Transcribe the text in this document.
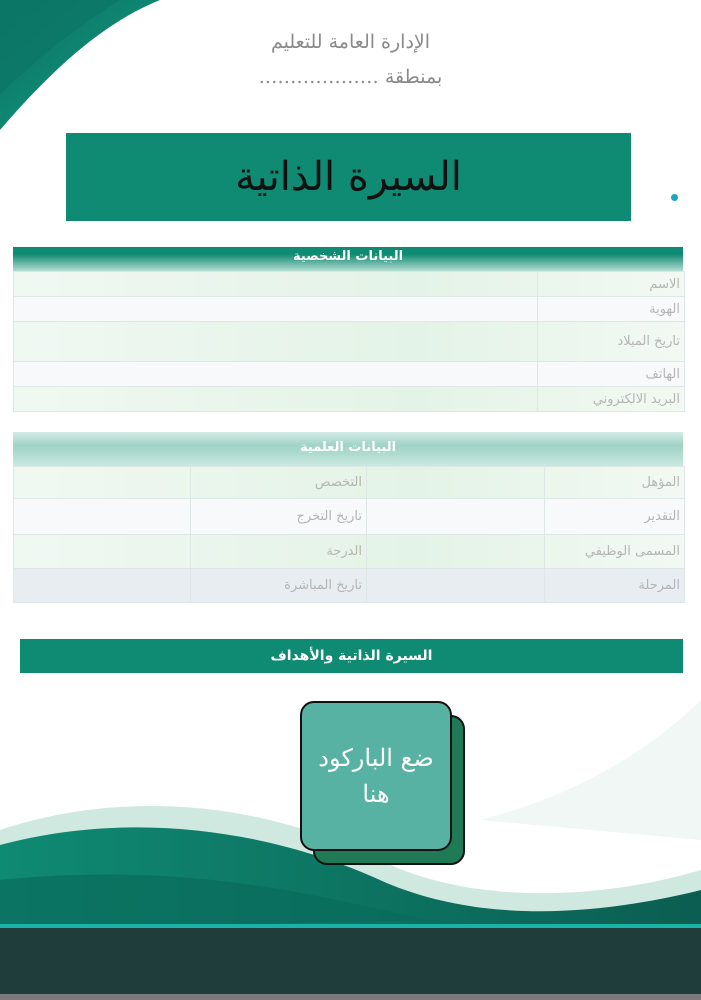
الإدارة العامة للتعليم
بمنطقة ……………….
السيرة الذاتية
البيانات الشخصية
الاسم	
الهوية	
تاريخ الميلاد	
الهاتف	
البريد الالكتروني	
البيانات العلمية
المؤهل		التخصص	
التقدير		تاريخ التخرج	
المسمى الوظيفي		الدرجة	
المرحلة		تاريخ المباشرة	
السيرة الذاتية والأهداف
ضع الباركود
هنا
